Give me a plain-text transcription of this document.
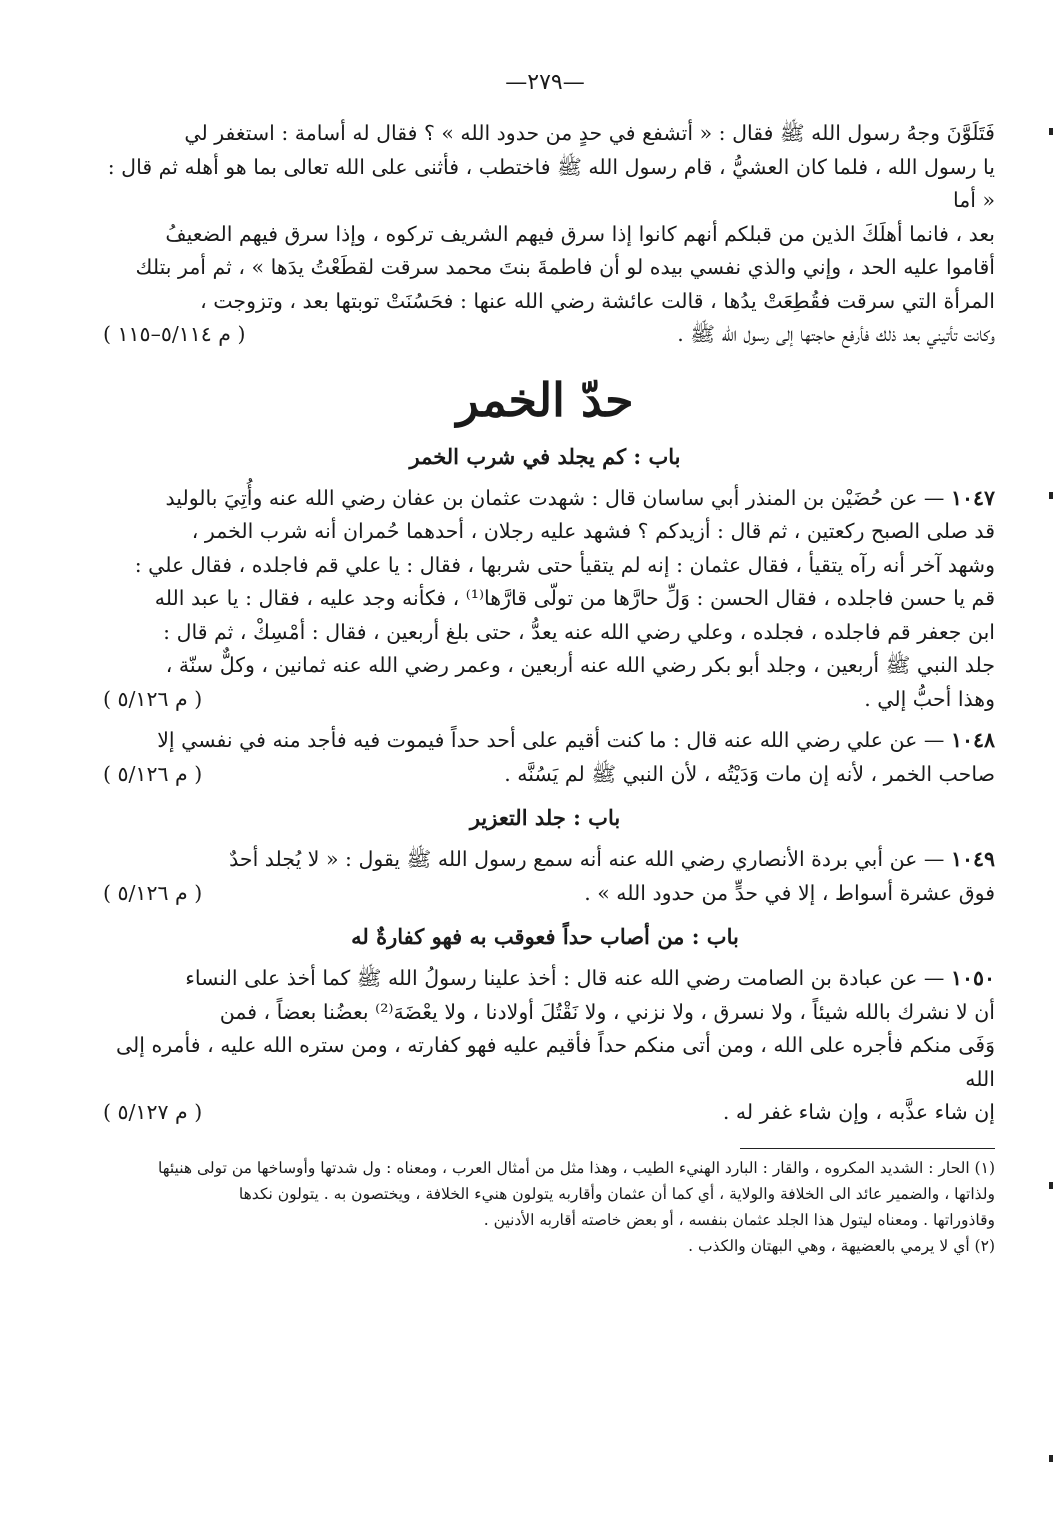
—٢٧٩—
فَتَلَوَّنَ وجهُ رسول الله ﷺ فقال : « أتشفع في حدٍ من حدود الله » ؟ فقال له أسامة : استغفر لي
يا رسول الله ، فلما كان العشيُّ ، قام رسول الله ﷺ فاختطب ، فأثنى على الله تعالى بما هو أهله ثم قال : « أما
بعد ، فانما أهلَكَ الذين من قبلكم أنهم كانوا إذا سرق فيهم الشريف تركوه ، وإذا سرق فيهم الضعيفُ
أقاموا عليه الحد ، وإني والذي نفسي بيده لو أن فاطمةَ بنتَ محمد سرقت لقطَعْتُ يدَها » ، ثم أمر بتلك
المرأة التي سرقت فقُطِعَتْ يدُها ، قالت عائشة رضي الله عنها : فحَسُنَتْ توبتها بعد ، وتزوجت ،
وكانت تأتيني بعد ذلك فأرفع حاجتها إلى رسول الله ﷺ .
( م ٥/١١٤–١١٥ )
حدّ الخمر
باب : كم يجلد في شرب الخمر
١٠٤٧ — عن حُضَيْن بن المنذر أبي ساسان قال : شهدت عثمان بن عفان رضي الله عنه وأُتِيَ بالوليد
قد صلى الصبح ركعتين ، ثم قال : أزيدكم ؟ فشهد عليه رجلان ، أحدهما حُمران أنه شرب الخمر ،
وشهد آخر أنه رآه يتقيأ ، فقال عثمان : إنه لم يتقيأ حتى شربها ، فقال : يا علي قم فاجلده ، فقال علي :
قم يا حسن فاجلده ، فقال الحسن : وَلِّ حارَّها من تولّى قارَّها⁽¹⁾ ، فكأنه وجد عليه ، فقال : يا عبد الله
ابن جعفر قم فاجلده ، فجلده ، وعلي رضي الله عنه يعدُّ ، حتى بلغ أربعين ، فقال : أمْسِكْ ، ثم قال :
جلد النبي ﷺ أربعين ، وجلد أبو بكر رضي الله عنه أربعين ، وعمر رضي الله عنه ثمانين ، وكلٌّ سنّة ،
وهذا أحبُّ إلي .
( م ٥/١٢٦ )
١٠٤٨ — عن علي رضي الله عنه قال : ما كنت أقيم على أحد حداً فيموت فيه فأجد منه في نفسي إلا
صاحب الخمر ، لأنه إن مات وَدَيْتُه ، لأن النبي ﷺ لم يَسُنَّه .
( م ٥/١٢٦ )
باب : جلد التعزير
١٠٤٩ — عن أبي بردة الأنصاري رضي الله عنه أنه سمع رسول الله ﷺ يقول : « لا يُجلد أحدٌ
فوق عشرة أسواط ، إلا في حدٍّ من حدود الله » .
( م ٥/١٢٦ )
باب : من أصاب حداً فعوقب به فهو كفارةٌ له
١٠٥٠ — عن عبادة بن الصامت رضي الله عنه قال : أخذ علينا رسولُ الله ﷺ كما أخذ على النساء
أن لا نشرك بالله شيئاً ، ولا نسرق ، ولا نزني ، ولا نَقْتُلَ أولادنا ، ولا يعْضَهَ⁽²⁾ بعضُنا بعضاً ، فمن
وَفَى منكم فأجره على الله ، ومن أتى منكم حداً فأقيم عليه فهو كفارته ، ومن ستره الله عليه ، فأمره إلى الله
إن شاء عذَّبه ، وإن شاء غفر له .
( م ٥/١٢٧ )

(١) الحار : الشديد المكروه ، والقار : البارد الهنيء الطيب ، وهذا مثل من أمثال العرب ، ومعناه : ول شدتها وأوساخها من تولى هنيئها

ولذاتها ، والضمير عائد الى الخلافة والولاية ، أي كما أن عثمان وأقاربه يتولون هنيء الخلافة ، ويختصون به . يتولون نكدها

وقاذوراتها . ومعناه ليتول هذا الجلد عثمان بنفسه ، أو بعض خاصته أقاربه الأدنين .

(٢) أي لا يرمي بالعضيهة ، وهي البهتان والكذب .
